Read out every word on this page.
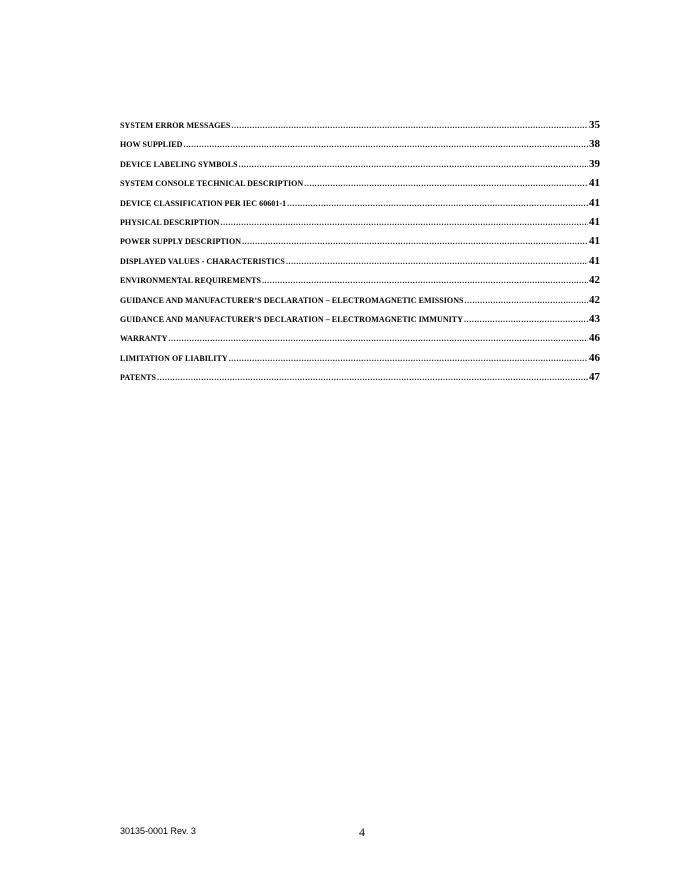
SYSTEM ERROR MESSAGES .....	35
HOW SUPPLIED .....	38
DEVICE LABELING SYMBOLS .....	39
SYSTEM CONSOLE TECHNICAL DESCRIPTION .....	41
DEVICE CLASSIFICATION PER IEC 60601-1 .....	41
PHYSICAL DESCRIPTION .....	41
POWER SUPPLY DESCRIPTION .....	41
DISPLAYED VALUES - CHARACTERISTICS .....	41
ENVIRONMENTAL REQUIREMENTS .....	42
GUIDANCE AND MANUFACTURER’S DECLARATION – ELECTROMAGNETIC EMISSIONS .....	42
GUIDANCE AND MANUFACTURER’S DECLARATION – ELECTROMAGNETIC IMMUNITY .....	43
WARRANTY .....	46
LIMITATION OF LIABILITY .....	46
PATENTS .....	47
30135-0001 Rev. 3	4
